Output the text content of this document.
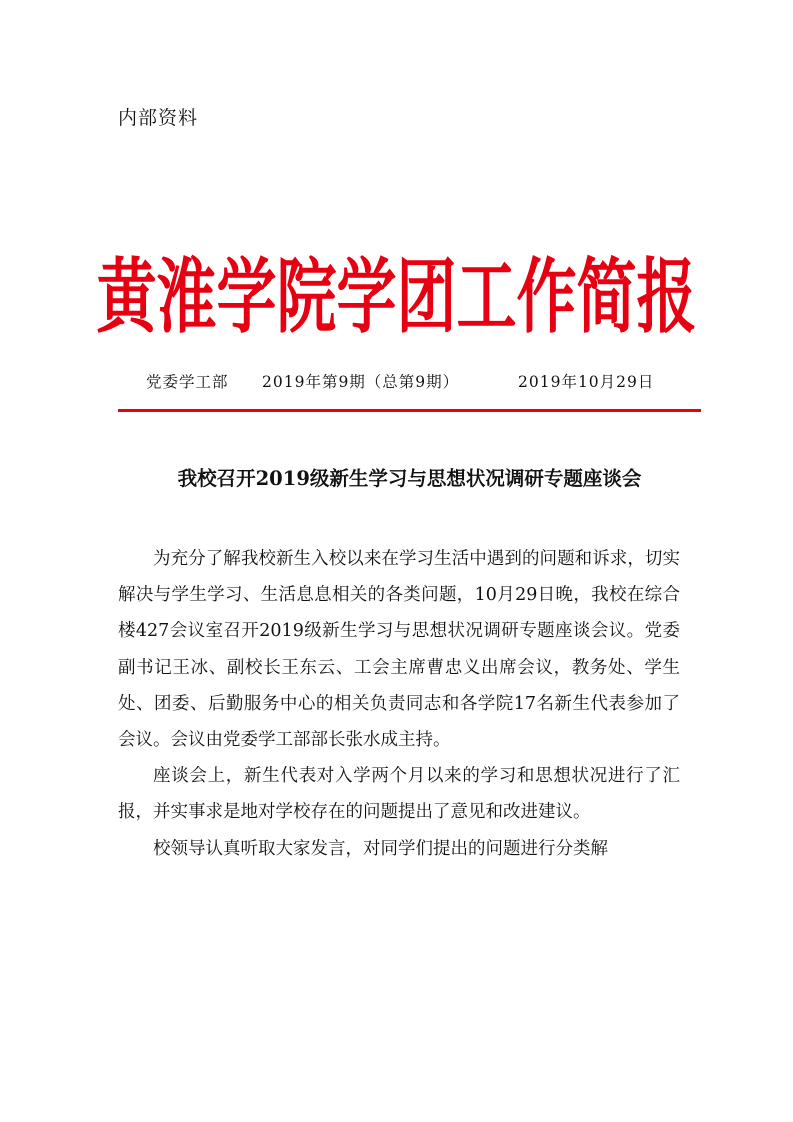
内部资料
黄淮学院学团工作简报
党委学工部	2019年第9期（总第9期）	2019年10月29日
我校召开2019级新生学习与思想状况调研专题座谈会

为充分了解我校新生入校以来在学习生活中遇到的问题和诉求，切实解决与学生学习、生活息息相关的各类问题，10月29日晚，我校在综合楼427会议室召开2019级新生学习与思想状况调研专题座谈会议。党委副书记王冰、副校长王东云、工会主席曹忠义出席会议，教务处、学生处、团委、后勤服务中心的相关负责同志和各学院17名新生代表参加了会议。会议由党委学工部部长张水成主持。

座谈会上，新生代表对入学两个月以来的学习和思想状况进行了汇报，并实事求是地对学校存在的问题提出了意见和改进建议。

校领导认真听取大家发言，对同学们提出的问题进行分类解
